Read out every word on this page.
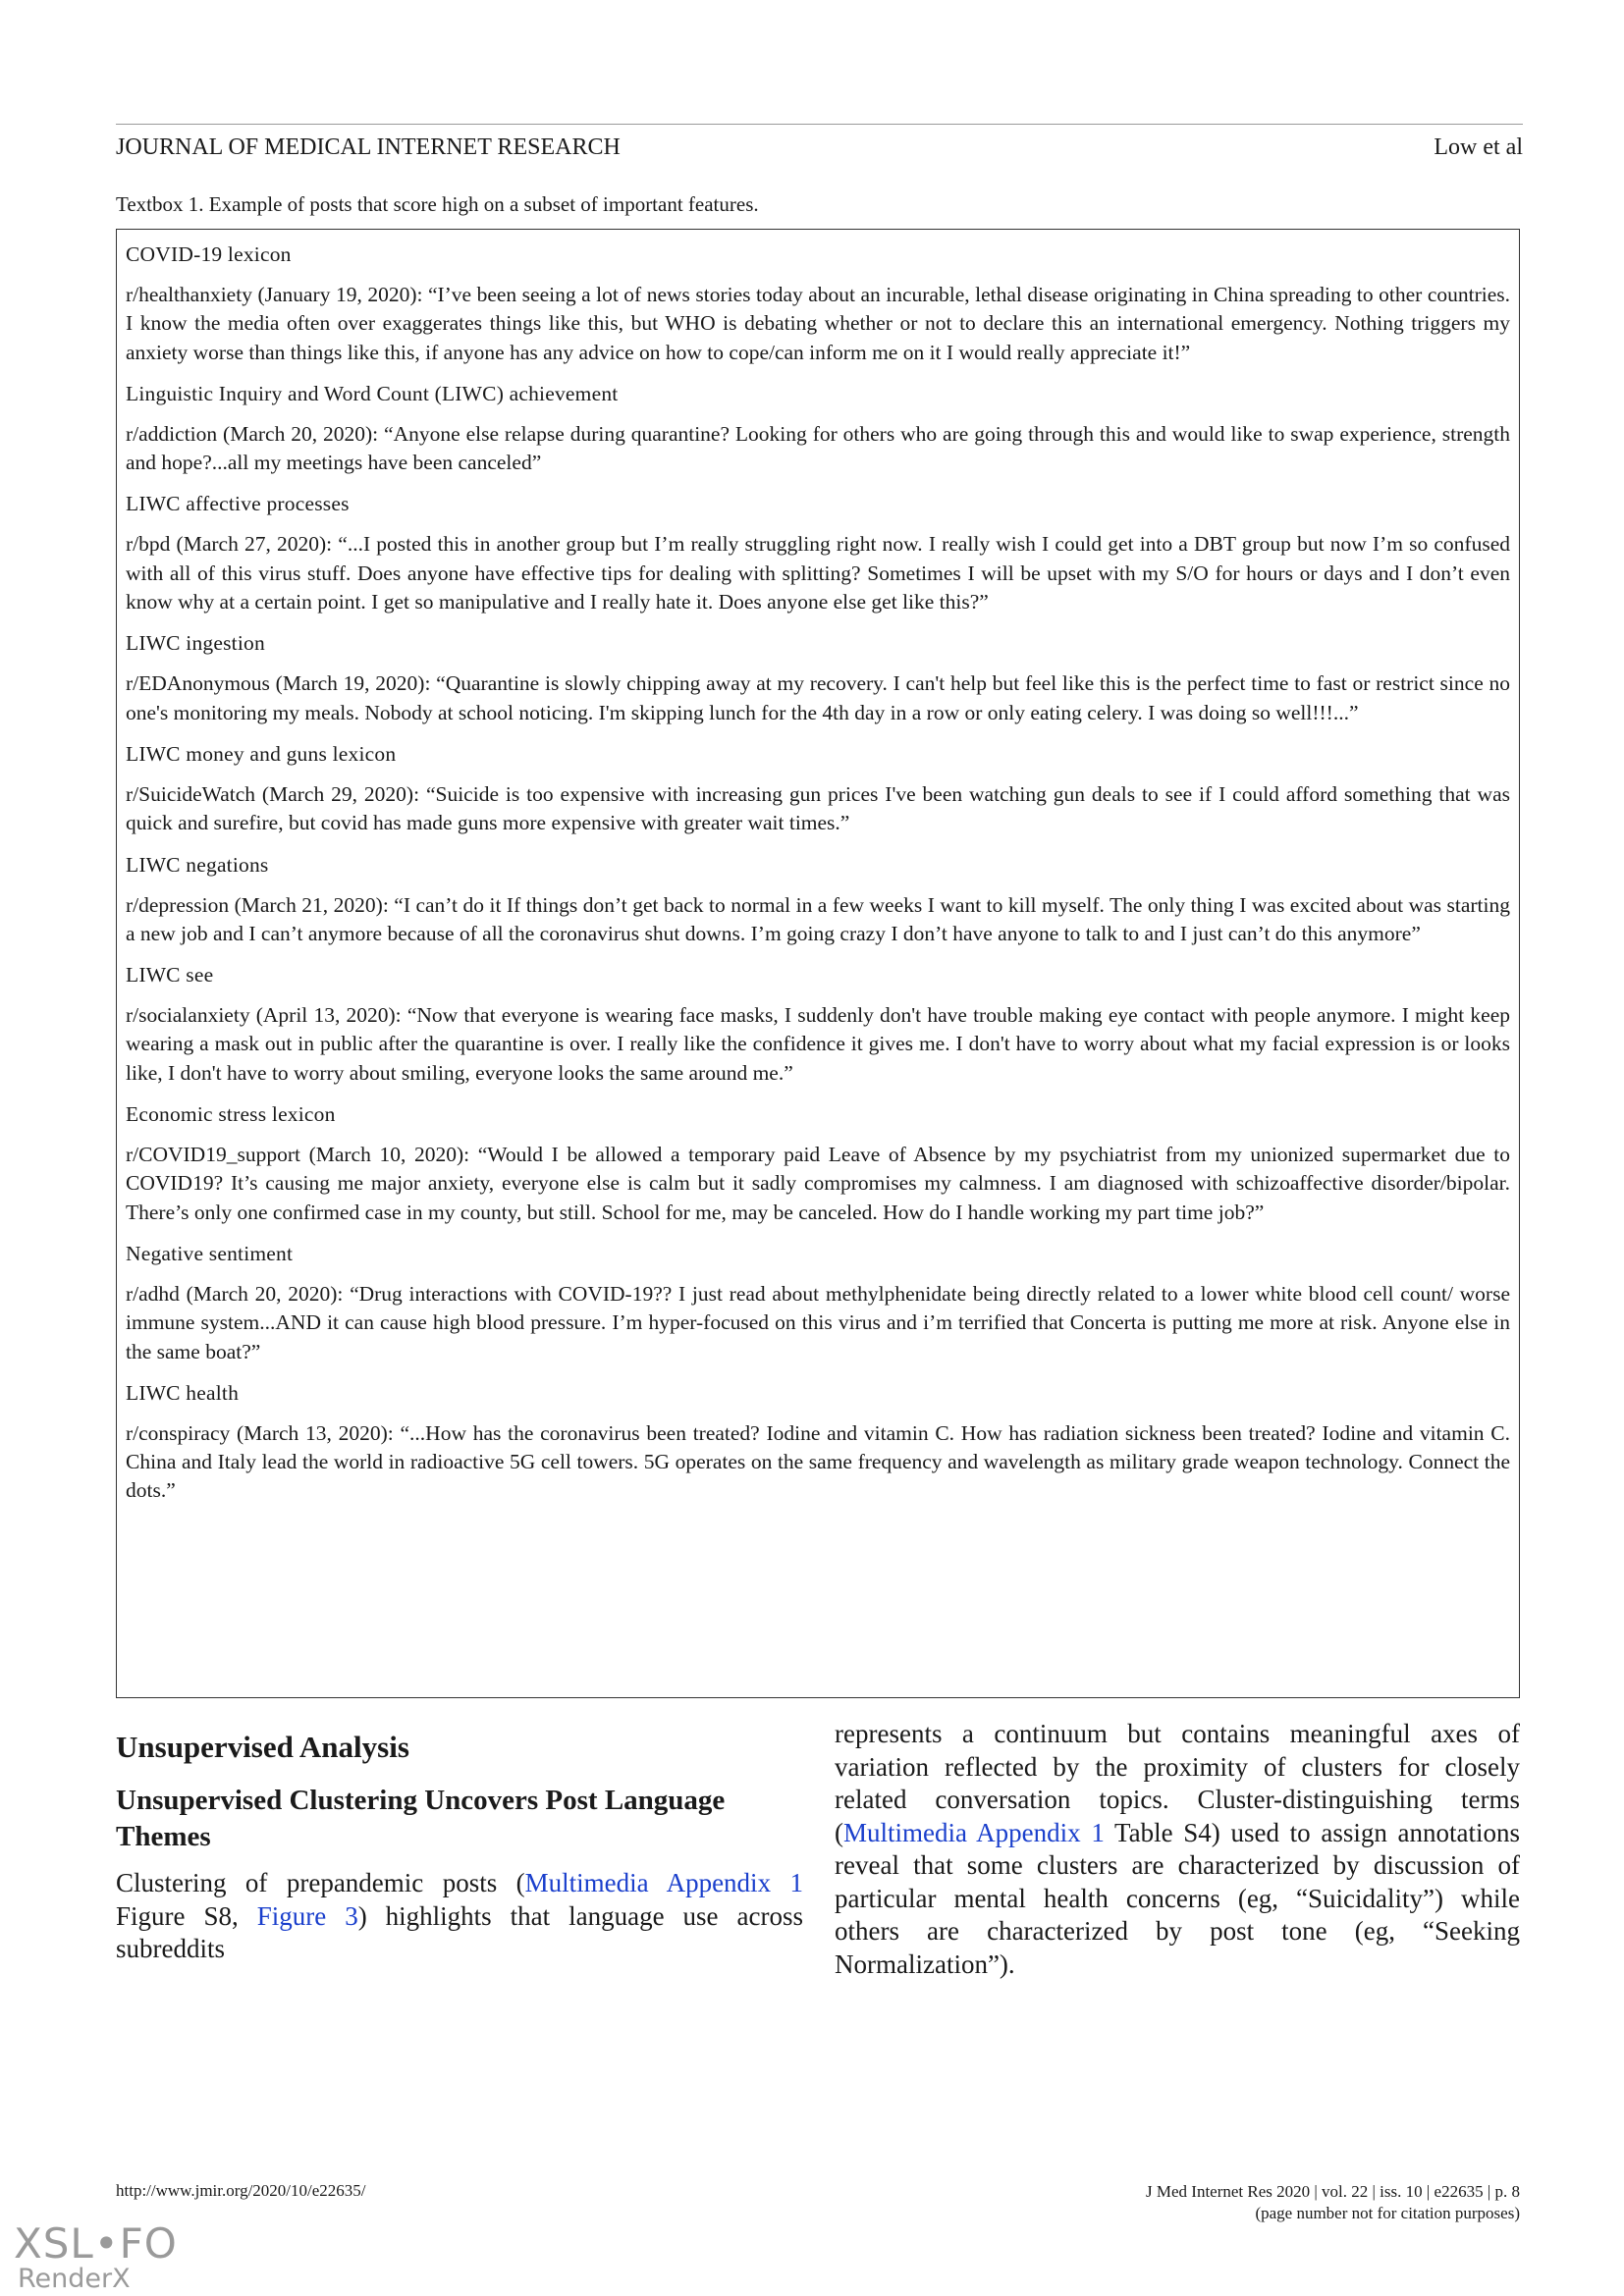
JOURNAL OF MEDICAL INTERNET RESEARCH	Low et al
Textbox 1. Example of posts that score high on a subset of important features.

COVID-19 lexicon

r/healthanxiety (January 19, 2020): “I’ve been seeing a lot of news stories today about an incurable, lethal disease originating in China spreading to other countries. I know the media often over exaggerates things like this, but WHO is debating whether or not to declare this an international emergency. Nothing triggers my anxiety worse than things like this, if anyone has any advice on how to cope/can inform me on it I would really appreciate it!”

Linguistic Inquiry and Word Count (LIWC) achievement

r/addiction (March 20, 2020): “Anyone else relapse during quarantine? Looking for others who are going through this and would like to swap experience, strength and hope?...all my meetings have been canceled”

LIWC affective processes

r/bpd (March 27, 2020): “...I posted this in another group but I’m really struggling right now. I really wish I could get into a DBT group but now I’m so confused with all of this virus stuff. Does anyone have effective tips for dealing with splitting? Sometimes I will be upset with my S/O for hours or days and I don’t even know why at a certain point. I get so manipulative and I really hate it. Does anyone else get like this?”

LIWC ingestion

r/EDAnonymous (March 19, 2020): “Quarantine is slowly chipping away at my recovery. I can't help but feel like this is the perfect time to fast or restrict since no one's monitoring my meals. Nobody at school noticing. I'm skipping lunch for the 4th day in a row or only eating celery. I was doing so well!!!...”

LIWC money and guns lexicon

r/SuicideWatch (March 29, 2020): “Suicide is too expensive with increasing gun prices I've been watching gun deals to see if I could afford something that was quick and surefire, but covid has made guns more expensive with greater wait times.”

LIWC negations

r/depression (March 21, 2020): “I can’t do it If things don’t get back to normal in a few weeks I want to kill myself. The only thing I was excited about was starting a new job and I can’t anymore because of all the coronavirus shut downs. I’m going crazy I don’t have anyone to talk to and I just can’t do this anymore”

LIWC see

r/socialanxiety (April 13, 2020): “Now that everyone is wearing face masks, I suddenly don't have trouble making eye contact with people anymore. I might keep wearing a mask out in public after the quarantine is over. I really like the confidence it gives me. I don't have to worry about what my facial expression is or looks like, I don't have to worry about smiling, everyone looks the same around me.”

Economic stress lexicon

r/COVID19_support (March 10, 2020): “Would I be allowed a temporary paid Leave of Absence by my psychiatrist from my unionized supermarket due to COVID19? It’s causing me major anxiety, everyone else is calm but it sadly compromises my calmness. I am diagnosed with schizoaffective disorder/bipolar. There’s only one confirmed case in my county, but still. School for me, may be canceled. How do I handle working my part time job?”

Negative sentiment

r/adhd (March 20, 2020): “Drug interactions with COVID-19?? I just read about methylphenidate being directly related to a lower white blood cell count/ worse immune system...AND it can cause high blood pressure. I’m hyper-focused on this virus and i’m terrified that Concerta is putting me more at risk. Anyone else in the same boat?”

LIWC health

r/conspiracy (March 13, 2020): “...How has the coronavirus been treated? Iodine and vitamin C. How has radiation sickness been treated? Iodine and vitamin C. China and Italy lead the world in radioactive 5G cell towers. 5G operates on the same frequency and wavelength as military grade weapon technology. Connect the dots.”

Unsupervised Analysis
Unsupervised Clustering Uncovers Post Language Themes

Clustering of prepandemic posts (Multimedia Appendix 1 Figure S8, Figure 3) highlights that language use across subreddits

represents a continuum but contains meaningful axes of variation reflected by the proximity of clusters for closely related conversation topics. Cluster-distinguishing terms (Multimedia Appendix 1 Table S4) used to assign annotations reveal that some clusters are characterized by discussion of particular mental health concerns (eg, “Suicidality”) while others are characterized by post tone (eg, “Seeking Normalization”).

http://www.jmir.org/2020/10/e22635/	J Med Internet Res 2020 | vol. 22 | iss. 10 | e22635 | p. 8
(page number not for citation purposes)
XSL•FO
RenderX
